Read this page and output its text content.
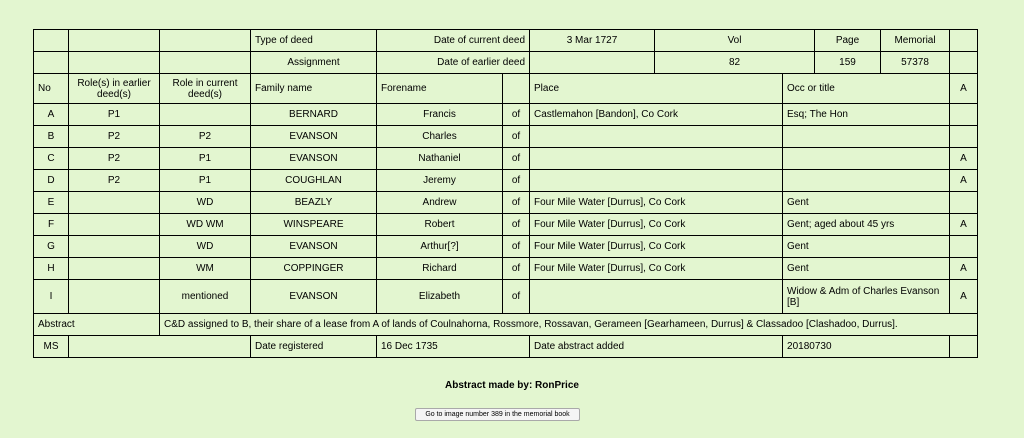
			Type of deed	Date of current deed		3 Mar 1727	Vol		Page	Memorial	
			Assignment	Date of earlier deed			82		159	57378	
No	Role(s) in earlier deed(s)	Role in current deed(s)	Family name	Forename		Place		Occ or title			A
A	P1		BERNARD	Francis	of	Castlemahon [Bandon], Co Cork		Esq; The Hon			
B	P2	P2	EVANSON	Charles	of						
C	P2	P1	EVANSON	Nathaniel	of						A
D	P2	P1	COUGHLAN	Jeremy	of						A
E		WD	BEAZLY	Andrew	of	Four Mile Water [Durrus], Co Cork		Gent			
F		WD WM	WINSPEARE	Robert	of	Four Mile Water [Durrus], Co Cork		Gent; aged about 45 yrs			A
G		WD	EVANSON	Arthur[?]	of	Four Mile Water [Durrus], Co Cork		Gent			
H		WM	COPPINGER	Richard	of	Four Mile Water [Durrus], Co Cork		Gent			A
I		mentioned	EVANSON	Elizabeth	of			Widow & Adm of Charles Evanson [B]			A
Abstract		C&D assigned to B, their share of a lease from A of lands of Coulnahorna, Rossmore, Rossavan, Gerameen [Gearhameen, Durrus] & Classadoo [Clashadoo, Durrus].									
MS			Date registered	16 Dec 1735		Date abstract added		20180730			
Abstract made by: RonPrice
Go to image number 389 in the memorial book
